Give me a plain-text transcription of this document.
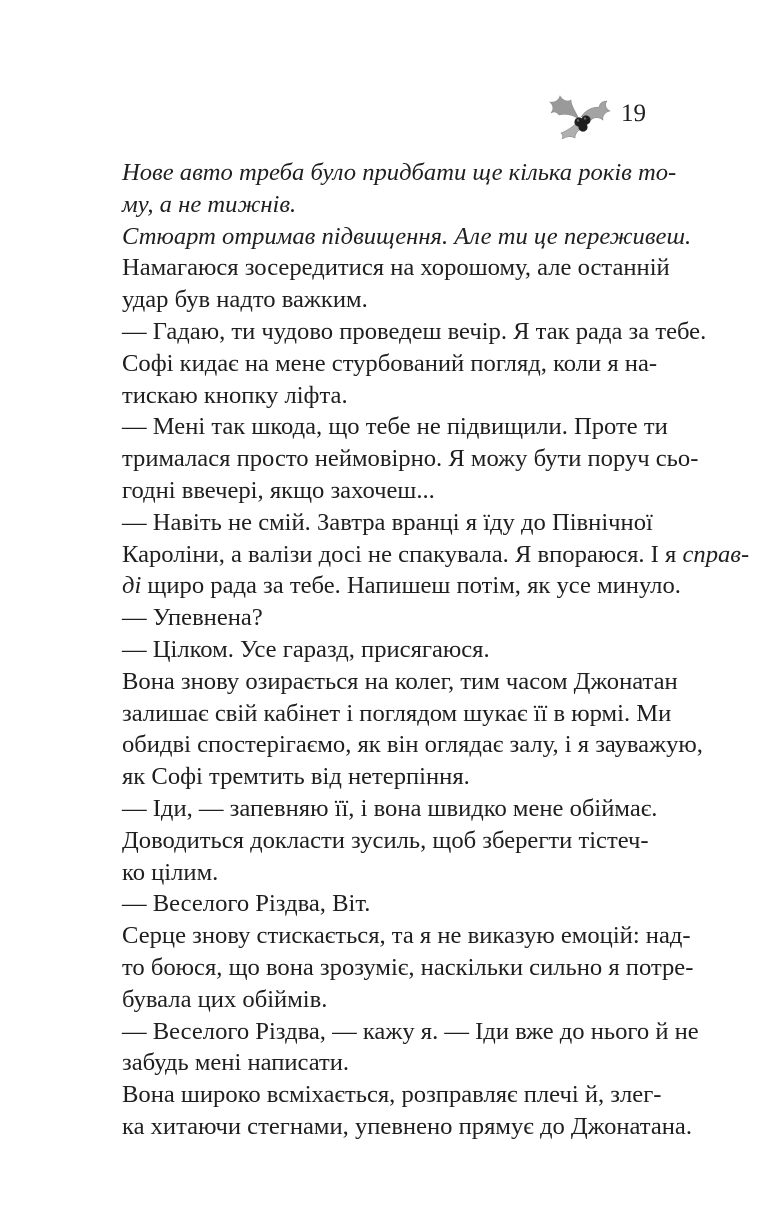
19
Нове авто треба було придбати ще кілька років то-
му, а не тижнів.
Стюарт отримав підвищення. Але ти це переживеш.
Намагаюся зосередитися на хорошому, але останній
удар був надто важким.
— Гадаю, ти чудово проведеш вечір. Я так рада за тебе.
Софі кидає на мене стурбований погляд, коли я на-
тискаю кнопку ліфта.
— Мені так шкода, що тебе не підвищили. Проте ти
трималася просто неймовірно. Я можу бути поруч сьо-
годні ввечері, якщо захочеш...
— Навіть не смій. Завтра вранці я їду до Північної
Кароліни, а валізи досі не спакувала. Я впораюся. І я справ-
ді щиро рада за тебе. Напишеш потім, як усе минуло.
— Упевнена?
— Цілком. Усе гаразд, присягаюся.
Вона знову озирається на колег, тим часом Джонатан
залишає свій кабінет і поглядом шукає її в юрмі. Ми
обидві спостерігаємо, як він оглядає залу, і я зауважую,
як Софі тремтить від нетерпіння.
— Іди, — запевняю її, і вона швидко мене обіймає.
Доводиться докласти зусиль, щоб зберегти тістеч-
ко цілим.
— Веселого Різдва, Віт.
Серце знову стискається, та я не виказую емоцій: над-
то боюся, що вона зрозуміє, наскільки сильно я потре-
бувала цих обіймів.
— Веселого Різдва, — кажу я. — Іди вже до нього й не
забудь мені написати.
Вона широко всміхається, розправляє плечі й, злег-
ка хитаючи стегнами, упевнено прямує до Джонатана.
